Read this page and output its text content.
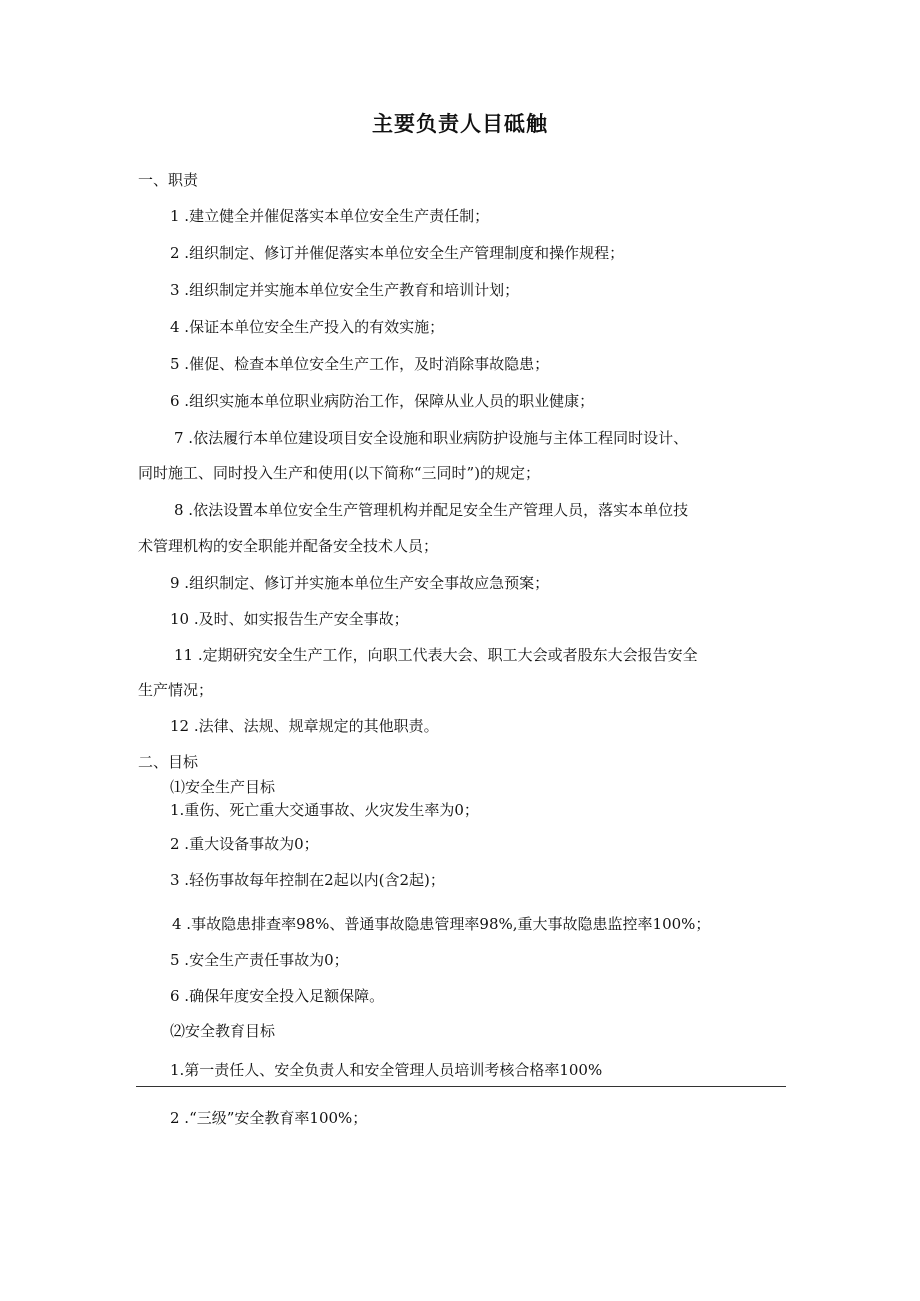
主要负责人目砥触
一、职责
1 .建立健全并催促落实本单位安全生产责任制；
2 .组织制定、修订并催促落实本单位安全生产管理制度和操作规程；
3 .组织制定并实施本单位安全生产教育和培训计划；
4 .保证本单位安全生产投入的有效实施；
5 .催促、检查本单位安全生产工作，及时消除事故隐患；
6 .组织实施本单位职业病防治工作，保障从业人员的职业健康；
7 .依法履行本单位建设项目安全设施和职业病防护设施与主体工程同时设计、
同时施工、同时投入生产和使用(以下简称“三同时”)的规定；
8 .依法设置本单位安全生产管理机构并配足安全生产管理人员，落实本单位技
术管理机构的安全职能并配备安全技术人员；
9 .组织制定、修订并实施本单位生产安全事故应急预案；
10 .及时、如实报告生产安全事故；
11 .定期研究安全生产工作，向职工代表大会、职工大会或者股东大会报告安全
生产情况；
12 .法律、法规、规章规定的其他职责。
二、目标
⑴安全生产目标
1.重伤、死亡重大交通事故、火灾发生率为0；
2 .重大设备事故为0；
3 .轻伤事故每年控制在2起以内(含2起)；
4 .事故隐患排查率98%、普通事故隐患管理率98%,重大事故隐患监控率100%；
5 .安全生产责任事故为0；
6 .确保年度安全投入足额保障。
⑵安全教育目标
1.第一责任人、安全负责人和安全管理人员培训考核合格率100%
2 .“三级”安全教育率100%；
